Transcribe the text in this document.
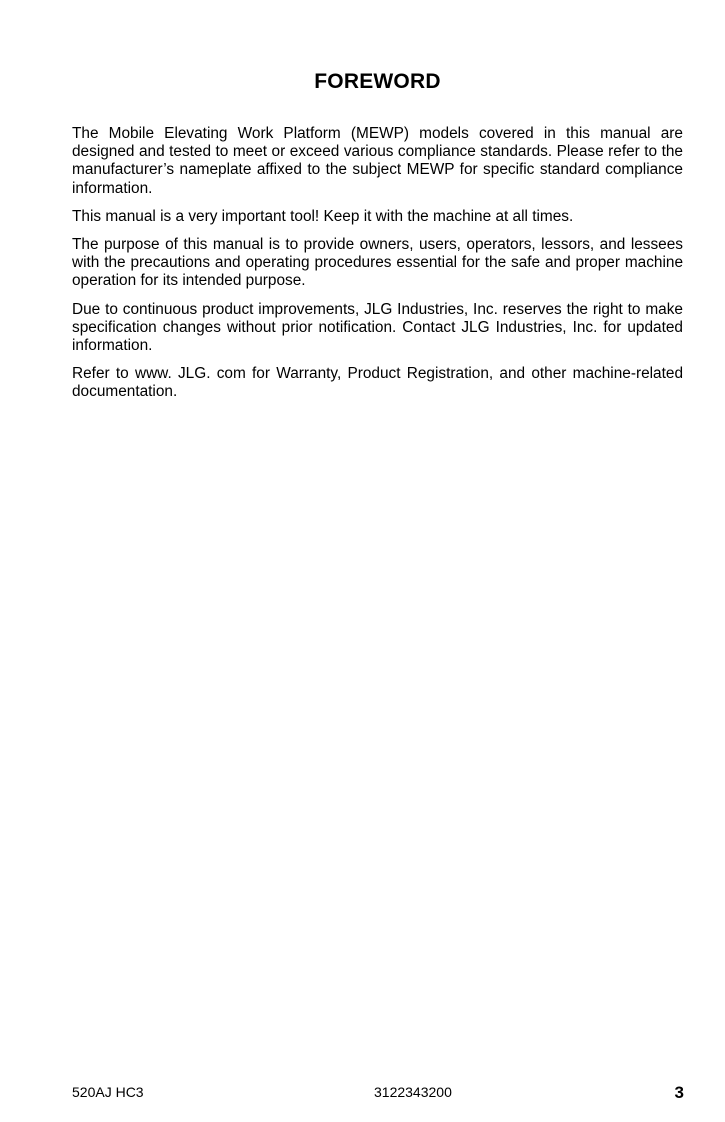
FOREWORD

The Mobile Elevating Work Platform (MEWP) models covered in this manual are designed and tested to meet or exceed various compliance standards. Please refer to the manufacturer’s nameplate affixed to the subject MEWP for specific standard compliance information.

This manual is a very important tool! Keep it with the machine at all times.

The purpose of this manual is to provide owners, users, operators, lessors, and lessees with the precautions and operating procedures essential for the safe and proper machine operation for its intended purpose.

Due to continuous product improvements, JLG Industries, Inc. reserves the right to make specification changes without prior notification. Contact JLG Industries, Inc. for updated information.

Refer to www. JLG. com for Warranty, Product Registration, and other machine-related documentation.

520AJ HC3	3122343200	3
